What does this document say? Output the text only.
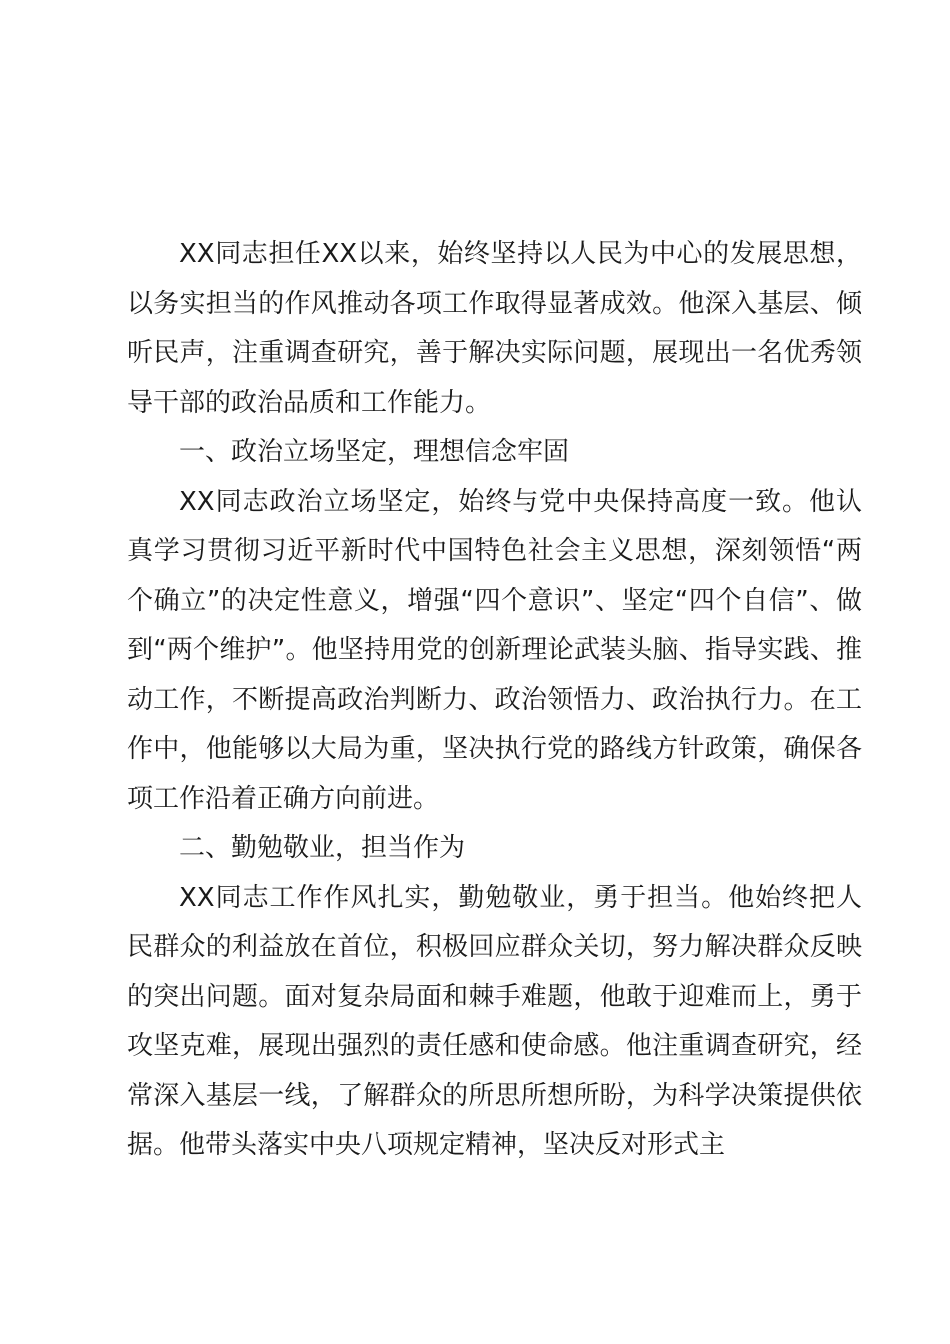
XX同志担任XX以来，始终坚持以人民为中心的发展思想，以务实担当的作风推动各项工作取得显著成效。他深入基层、倾听民声，注重调查研究，善于解决实际问题，展现出一名优秀领导干部的政治品质和工作能力。

一、政治立场坚定，理想信念牢固

XX同志政治立场坚定，始终与党中央保持高度一致。他认真学习贯彻习近平新时代中国特色社会主义思想，深刻领悟“两个确立”的决定性意义，增强“四个意识”、坚定“四个自信”、做到“两个维护”。他坚持用党的创新理论武装头脑、指导实践、推动工作，不断提高政治判断力、政治领悟力、政治执行力。在工作中，他能够以大局为重，坚决执行党的路线方针政策，确保各项工作沿着正确方向前进。

二、勤勉敬业，担当作为

XX同志工作作风扎实，勤勉敬业，勇于担当。他始终把人民群众的利益放在首位，积极回应群众关切，努力解决群众反映的突出问题。面对复杂局面和棘手难题，他敢于迎难而上，勇于攻坚克难，展现出强烈的责任感和使命感。他注重调查研究，经常深入基层一线，了解群众的所思所想所盼，为科学决策提供依据。他带头落实中央八项规定精神，坚决反对形式主
